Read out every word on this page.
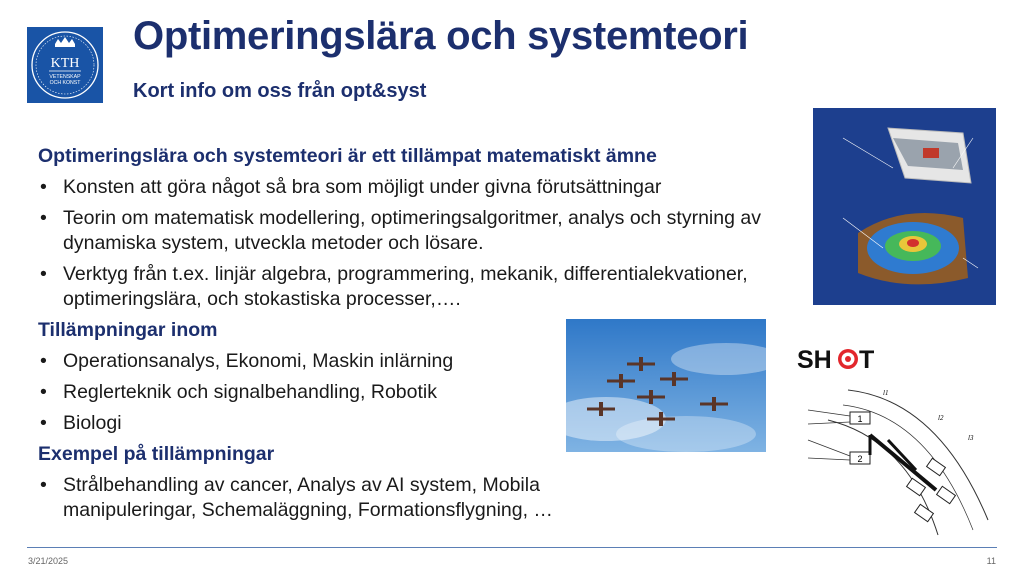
KTH
VETENSKAP
OCH KONST
Optimeringslära och systemteori
Kort info om oss från opt&syst
Optimeringslära och systemteori är ett tillämpat matematiskt ämne
• Konsten att göra något så bra som möjligt under givna förutsättningar
• Teorin om matematisk modellering, optimeringsalgoritmer, analys och styrning av dynamiska system, utveckla metoder och lösare.
• Verktyg från t.ex. linjär algebra, programmering, mekanik, differentialekvationer, optimeringslära, och stokastiska processer,….
Tillämpningar inom
• Operationsanalys, Ekonomi, Maskin inlärning
• Reglerteknik och signalbehandling, Robotik
• Biologi
Exempel på tillämpningar
• Strålbehandling av cancer, Analys av AI system, Mobila manipuleringar, Schemaläggning, Formationsflygning, …
SH T
1
2
l1
l2
l3
3/21/2025	11
